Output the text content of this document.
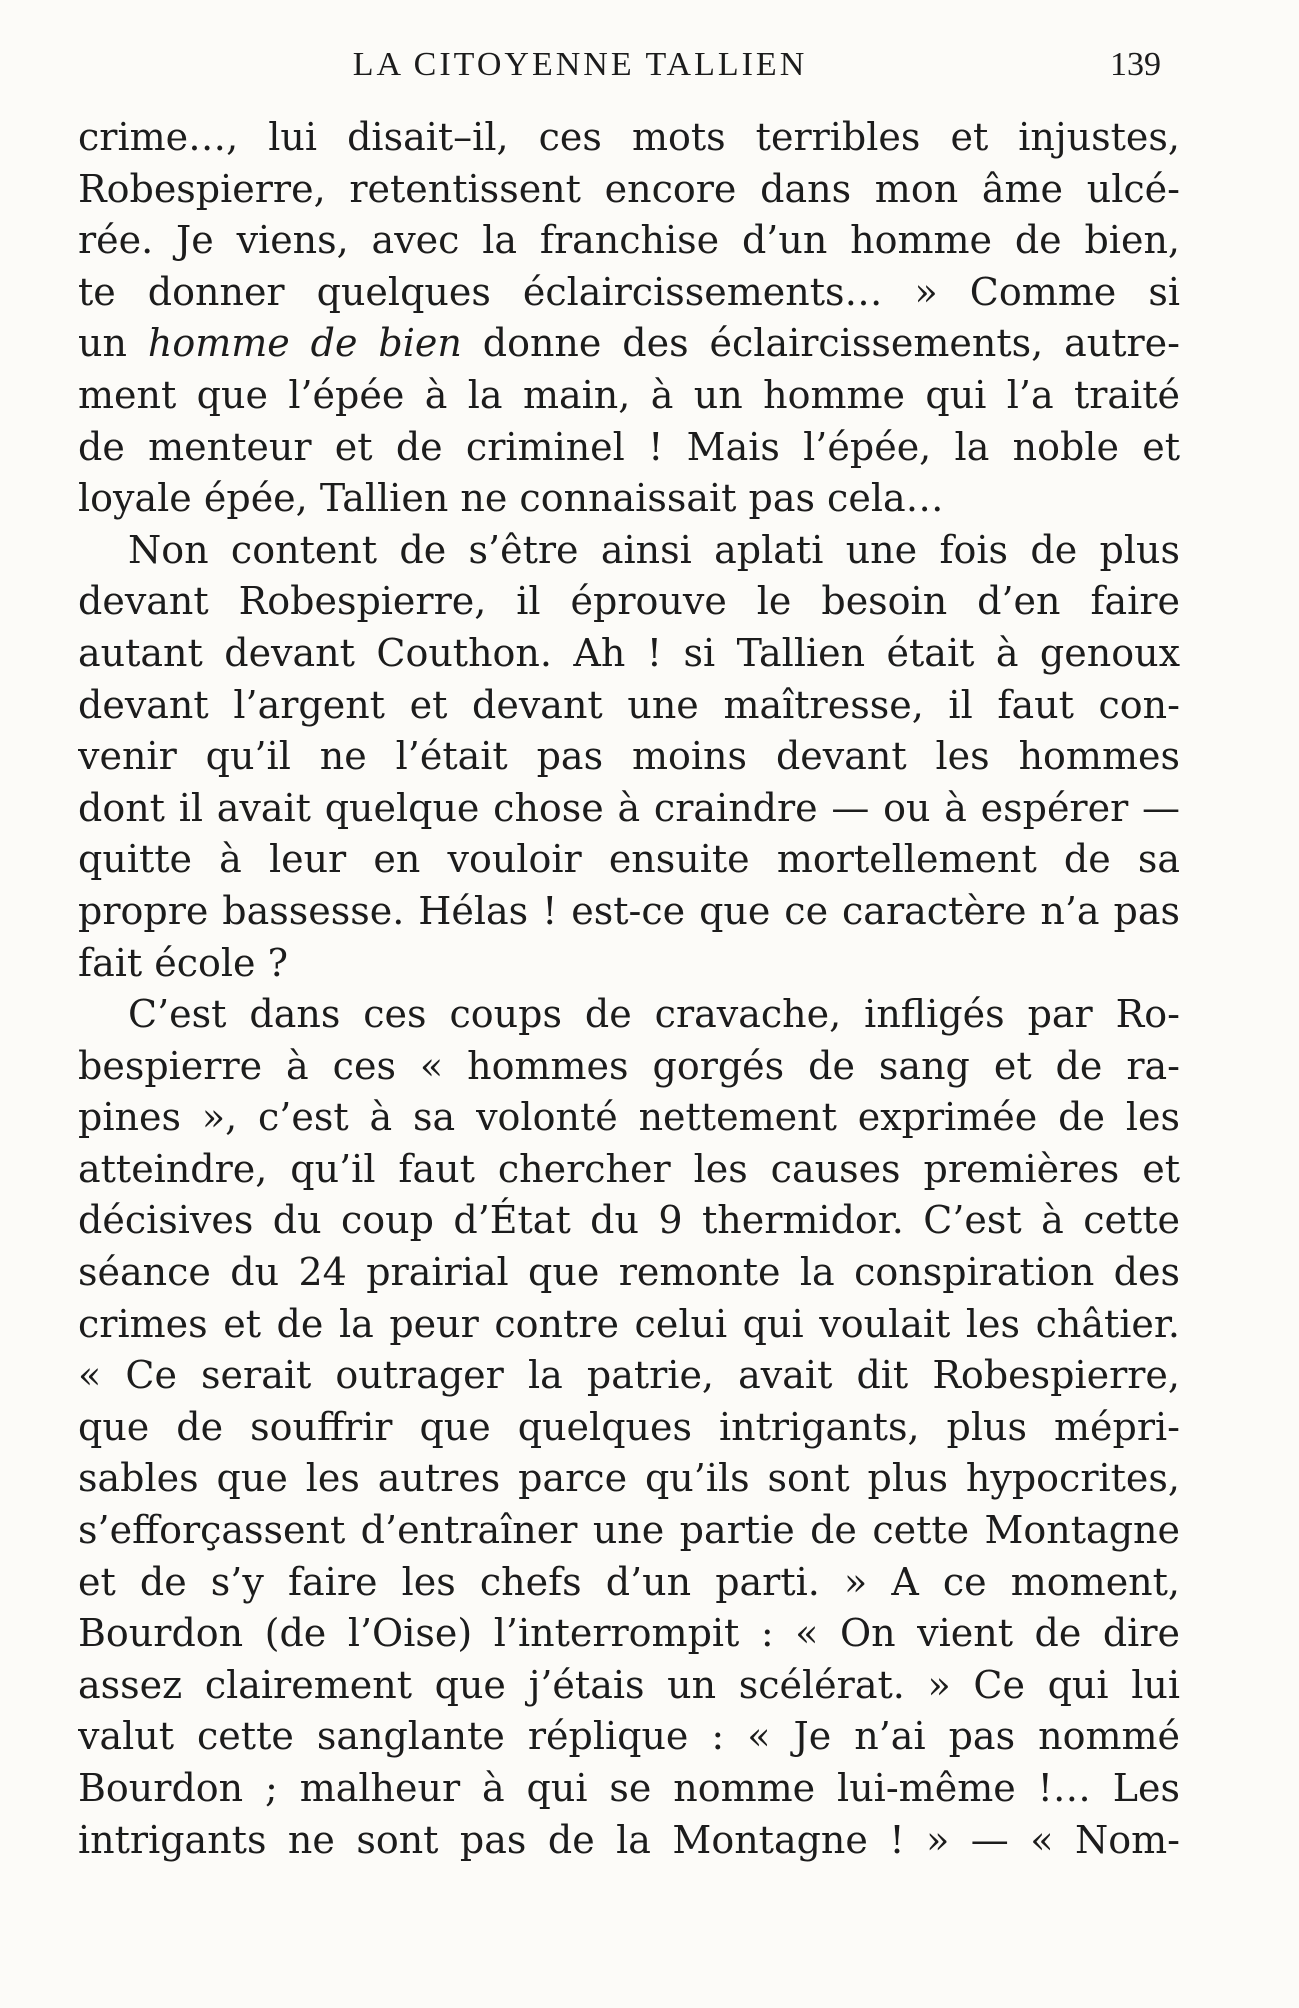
LA CITOYENNE TALLIEN	139
crime…, lui disait–il, ces mots terribles et injustes,
Robespierre, retentissent encore dans mon âme ulcé-
rée. Je viens, avec la franchise d’un homme de bien,
te donner quelques éclaircissements… » Comme si
un homme de bien donne des éclaircissements, autre-
ment que l’épée à la main, à un homme qui l’a traité
de menteur et de criminel ! Mais l’épée, la noble et
loyale épée, Tallien ne connaissait pas cela…
Non content de s’être ainsi aplati une fois de plus
devant Robespierre, il éprouve le besoin d’en faire
autant devant Couthon. Ah ! si Tallien était à genoux
devant l’argent et devant une maîtresse, il faut con-
venir qu’il ne l’était pas moins devant les hommes
dont il avait quelque chose à craindre — ou à espérer —
quitte à leur en vouloir ensuite mortellement de sa
propre bassesse. Hélas ! est-ce que ce caractère n’a pas
fait école ?
C’est dans ces coups de cravache, infligés par Ro-
bespierre à ces « hommes gorgés de sang et de ra-
pines », c’est à sa volonté nettement exprimée de les
atteindre, qu’il faut chercher les causes premières et
décisives du coup d’État du 9 thermidor. C’est à cette
séance du 24 prairial que remonte la conspiration des
crimes et de la peur contre celui qui voulait les châtier.
« Ce serait outrager la patrie, avait dit Robespierre,
que de souffrir que quelques intrigants, plus mépri-
sables que les autres parce qu’ils sont plus hypocrites,
s’efforçassent d’entraîner une partie de cette Montagne
et de s’y faire les chefs d’un parti. » A ce moment,
Bourdon (de l’Oise) l’interrompit : « On vient de dire
assez clairement que j’étais un scélérat. » Ce qui lui
valut cette sanglante réplique : « Je n’ai pas nommé
Bourdon ; malheur à qui se nomme lui-même !… Les
intrigants ne sont pas de la Montagne ! » — « Nom-
